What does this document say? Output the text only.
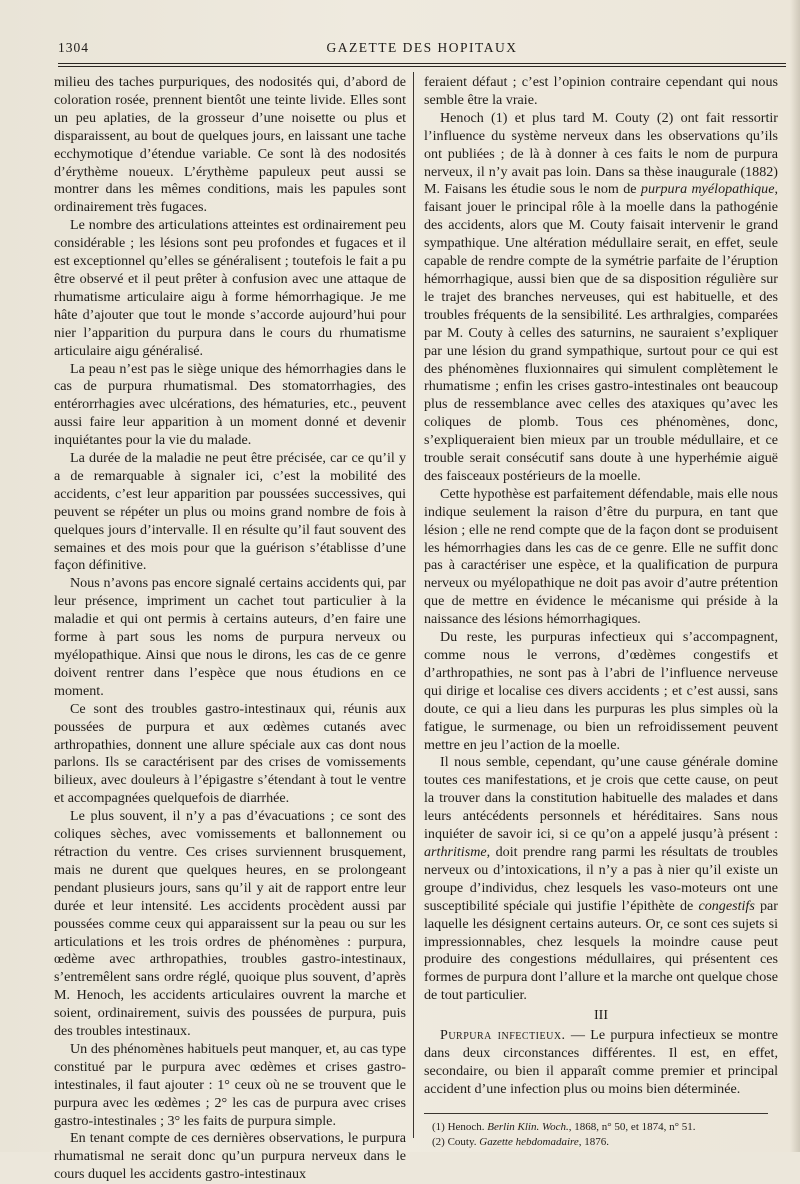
1304	GAZETTE DES HOPITAUX

milieu des taches purpuriques, des nodosités qui, d’abord de coloration rosée, prennent bientôt une teinte livide. Elles sont un peu aplaties, de la grosseur d’une noisette ou plus et disparaissent, au bout de quelques jours, en laissant une tache ecchymotique d’étendue variable. Ce sont là des nodosités d’érythème noueux. L’érythème papuleux peut aussi se montrer dans les mêmes conditions, mais les papules sont ordinairement très fugaces.

Le nombre des articulations atteintes est ordinairement peu considérable ; les lésions sont peu profondes et fugaces et il est exceptionnel qu’elles se généralisent ; toutefois le fait a pu être observé et il peut prêter à confusion avec une attaque de rhumatisme articulaire aigu à forme hémorrhagique. Je me hâte d’ajouter que tout le monde s’accorde aujourd’hui pour nier l’apparition du purpura dans le cours du rhumatisme articulaire aigu généralisé.

La peau n’est pas le siège unique des hémorrhagies dans le cas de purpura rhumatismal. Des stomatorrhagies, des entérorrhagies avec ulcérations, des hématuries, etc., peuvent aussi faire leur apparition à un moment donné et devenir inquiétantes pour la vie du malade.

La durée de la maladie ne peut être précisée, car ce qu’il y a de remarquable à signaler ici, c’est la mobilité des accidents, c’est leur apparition par poussées successives, qui peuvent se répéter un plus ou moins grand nombre de fois à quelques jours d’intervalle. Il en résulte qu’il faut souvent des semaines et des mois pour que la guérison s’établisse d’une façon définitive.

Nous n’avons pas encore signalé certains accidents qui, par leur présence, impriment un cachet tout particulier à la maladie et qui ont permis à certains auteurs, d’en faire une forme à part sous les noms de purpura nerveux ou myélopathique. Ainsi que nous le dirons, les cas de ce genre doivent rentrer dans l’espèce que nous étudions en ce moment.

Ce sont des troubles gastro-intestinaux qui, réunis aux poussées de purpura et aux œdèmes cutanés avec arthropathies, donnent une allure spéciale aux cas dont nous parlons. Ils se caractérisent par des crises de vomissements bilieux, avec douleurs à l’épigastre s’étendant à tout le ventre et accompagnées quelquefois de diarrhée.

Le plus souvent, il n’y a pas d’évacuations ; ce sont des coliques sèches, avec vomissements et ballonnement ou rétraction du ventre. Ces crises surviennent brusquement, mais ne durent que quelques heures, en se prolongeant pendant plusieurs jours, sans qu’il y ait de rapport entre leur durée et leur intensité. Les accidents procèdent aussi par poussées comme ceux qui apparaissent sur la peau ou sur les articulations et les trois ordres de phénomènes : purpura, œdème avec arthropathies, troubles gastro-intestinaux, s’entremêlent sans ordre réglé, quoique plus souvent, d’après M. Henoch, les accidents articulaires ouvrent la marche et soient, ordinairement, suivis des poussées de purpura, puis des troubles intestinaux.

Un des phénomènes habituels peut manquer, et, au cas type constitué par le purpura avec œdèmes et crises gastro-intestinales, il faut ajouter : 1° ceux où ne se trouvent que le purpura avec les œdèmes ; 2° les cas de purpura avec crises gastro-intestinales ; 3° les faits de purpura simple.

En tenant compte de ces dernières observations, le purpura rhumatismal ne serait donc qu’un purpura nerveux dans le cours duquel les accidents gastro-intestinaux

feraient défaut ; c’est l’opinion contraire cependant qui nous semble être la vraie.

Henoch (1) et plus tard M. Couty (2) ont fait ressortir l’influence du système nerveux dans les observations qu’ils ont publiées ; de là à donner à ces faits le nom de purpura nerveux, il n’y avait pas loin. Dans sa thèse inaugurale (1882) M. Faisans les étudie sous le nom de purpura myélopathique, faisant jouer le principal rôle à la moelle dans la pathogénie des accidents, alors que M. Couty faisait intervenir le grand sympathique. Une altération médullaire serait, en effet, seule capable de rendre compte de la symétrie parfaite de l’éruption hémorrhagique, aussi bien que de sa disposition régulière sur le trajet des branches nerveuses, qui est habituelle, et des troubles fréquents de la sensibilité. Les arthralgies, comparées par M. Couty à celles des saturnins, ne sauraient s’expliquer par une lésion du grand sympathique, surtout pour ce qui est des phénomènes fluxionnaires qui simulent complètement le rhumatisme ; enfin les crises gastro-intestinales ont beaucoup plus de ressemblance avec celles des ataxiques qu’avec les coliques de plomb. Tous ces phénomènes, donc, s’expliqueraient bien mieux par un trouble médullaire, et ce trouble serait consécutif sans doute à une hyperhémie aiguë des faisceaux postérieurs de la moelle.

Cette hypothèse est parfaitement défendable, mais elle nous indique seulement la raison d’être du purpura, en tant que lésion ; elle ne rend compte que de la façon dont se produisent les hémorrhagies dans les cas de ce genre. Elle ne suffit donc pas à caractériser une espèce, et la qualification de purpura nerveux ou myélopathique ne doit pas avoir d’autre prétention que de mettre en évidence le mécanisme qui préside à la naissance des lésions hémorrhagiques.

Du reste, les purpuras infectieux qui s’accompagnent, comme nous le verrons, d’œdèmes congestifs et d’arthropathies, ne sont pas à l’abri de l’influence nerveuse qui dirige et localise ces divers accidents ; et c’est aussi, sans doute, ce qui a lieu dans les purpuras les plus simples où la fatigue, le surmenage, ou bien un refroidissement peuvent mettre en jeu l’action de la moelle.

Il nous semble, cependant, qu’une cause générale domine toutes ces manifestations, et je crois que cette cause, on peut la trouver dans la constitution habituelle des malades et dans leurs antécédents personnels et héréditaires. Sans nous inquiéter de savoir ici, si ce qu’on a appelé jusqu’à présent : arthritisme, doit prendre rang parmi les résultats de troubles nerveux ou d’intoxications, il n’y a pas à nier qu’il existe un groupe d’individus, chez lesquels les vaso-moteurs ont une susceptibilité spéciale qui justifie l’épithète de congestifs par laquelle les désignent certains auteurs. Or, ce sont ces sujets si impressionnables, chez lesquels la moindre cause peut produire des congestions médullaires, qui présentent ces formes de purpura dont l’allure et la marche ont quelque chose de tout particulier.

III

Purpura infectieux. — Le purpura infectieux se montre dans deux circonstances différentes. Il est, en effet, secondaire, ou bien il apparaît comme premier et principal accident d’une infection plus ou moins bien déterminée.

(1) Henoch. Berlin Klin. Woch., 1868, n° 50, et 1874, n° 51.

(2) Couty. Gazette hebdomadaire, 1876.
